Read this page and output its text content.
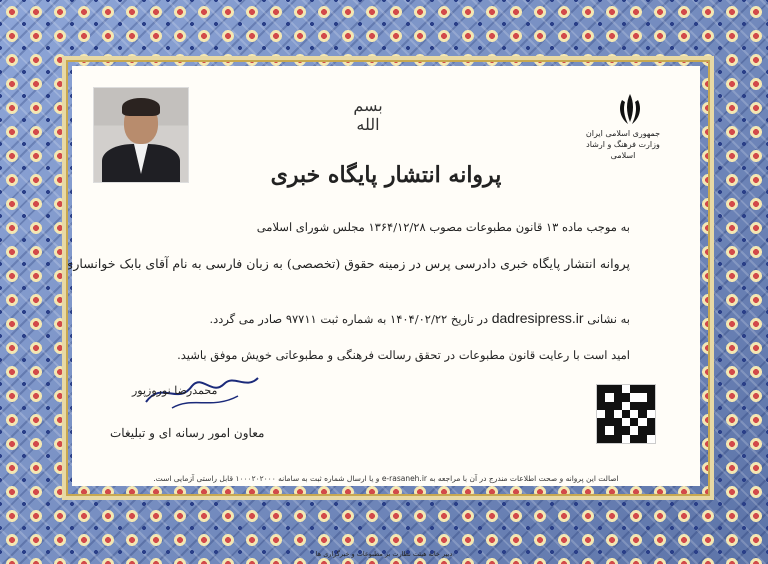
جمهوری اسلامی ایران
وزارت فرهنگ و ارشاد اسلامی
بسم الله
پروانه انتشار پایگاه خبری
به موجب ماده ۱۳ قانون مطبوعات مصوب ۱۳۶۴/۱۲/۲۸ مجلس شورای اسلامی
پروانه انتشار پایگاه خبری دادرسی پرس در زمینه حقوق (تخصصی) به زبان فارسی به نام آقای بابک خوانساری
به نشانی dadresipress.ir در تاریخ ۱۴۰۴/۰۲/۲۲ به شماره ثبت ۹۷۷۱۱ صادر می گردد.
امید است با رعایت قانون مطبوعات در تحقق رسالت فرهنگی و مطبوعاتی خویش موفق باشید.
محمدرضا نوروزپور
معاون امور رسانه ای و تبلیغات
اصالت این پروانه و صحت اطلاعات مندرج در آن با مراجعه به e-rasaneh.ir و یا ارسال شماره ثبت به سامانه ۱۰۰۰۲۰۲۰۰۰ قابل راستی آزمایی است.
دبیر خانه هیئت نظارت بر مطبوعات و خبرگزاری ها
